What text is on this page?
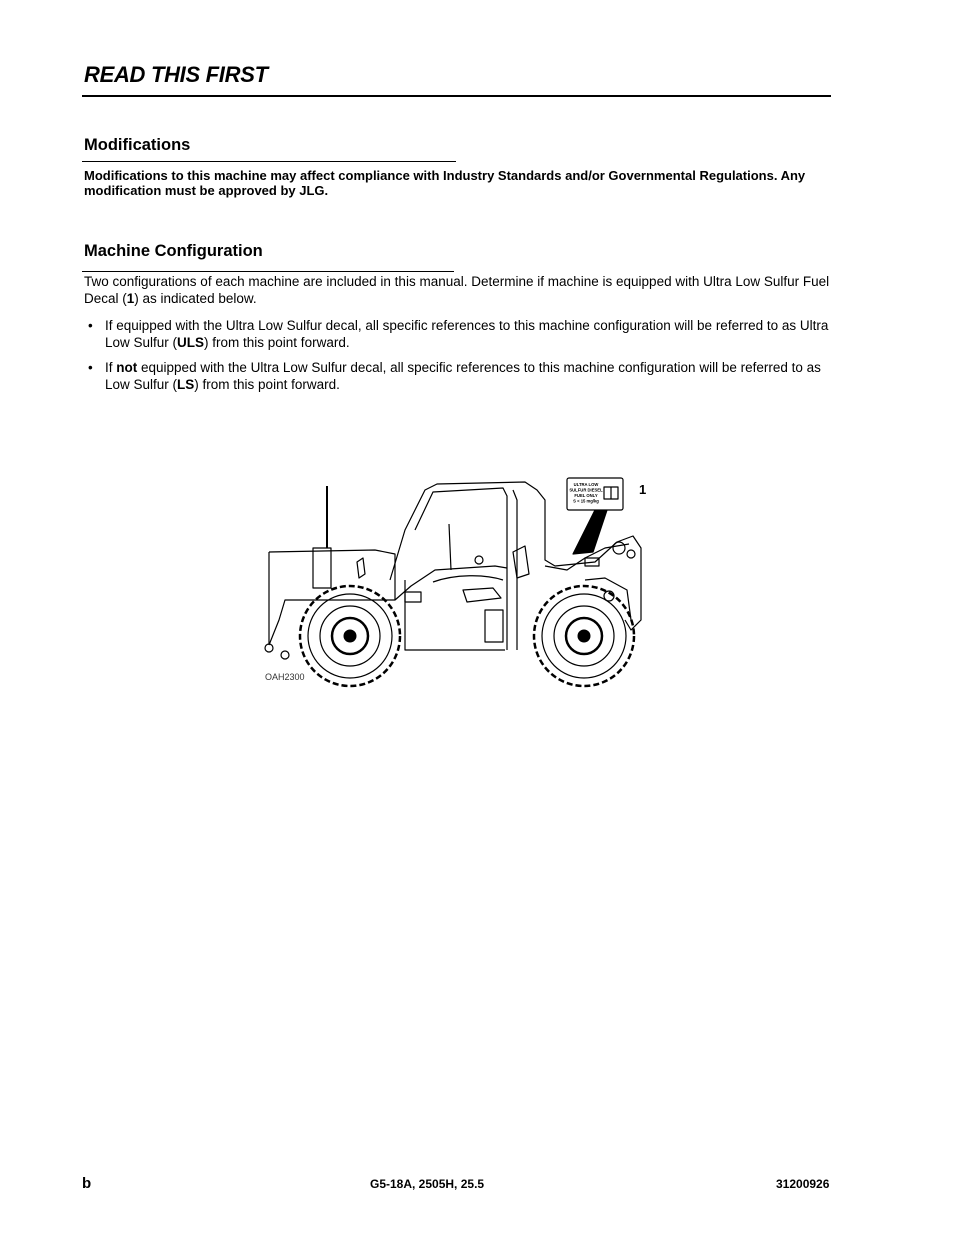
READ THIS FIRST
Modifications

Modifications to this machine may affect compliance with Industry Standards and/or Governmental Regulations. Any modification must be approved by JLG.

Machine Configuration

Two configurations of each machine are included in this manual. Determine if machine is equipped with Ultra Low Sulfur Fuel Decal (1) as indicated below.

• If equipped with the Ultra Low Sulfur decal, all specific references to this machine configuration will be referred to as Ultra Low Sulfur (ULS) from this point forward.
• If not equipped with the Ultra Low Sulfur decal, all specific references to this machine configuration will be referred to as Low Sulfur (LS) from this point forward.
ULTRA LOW
SULFUR DIESEL
FUEL ONLY
S < 15 mg/kg
1
OAH2300
b	G5-18A, 2505H, 25.5	31200926
